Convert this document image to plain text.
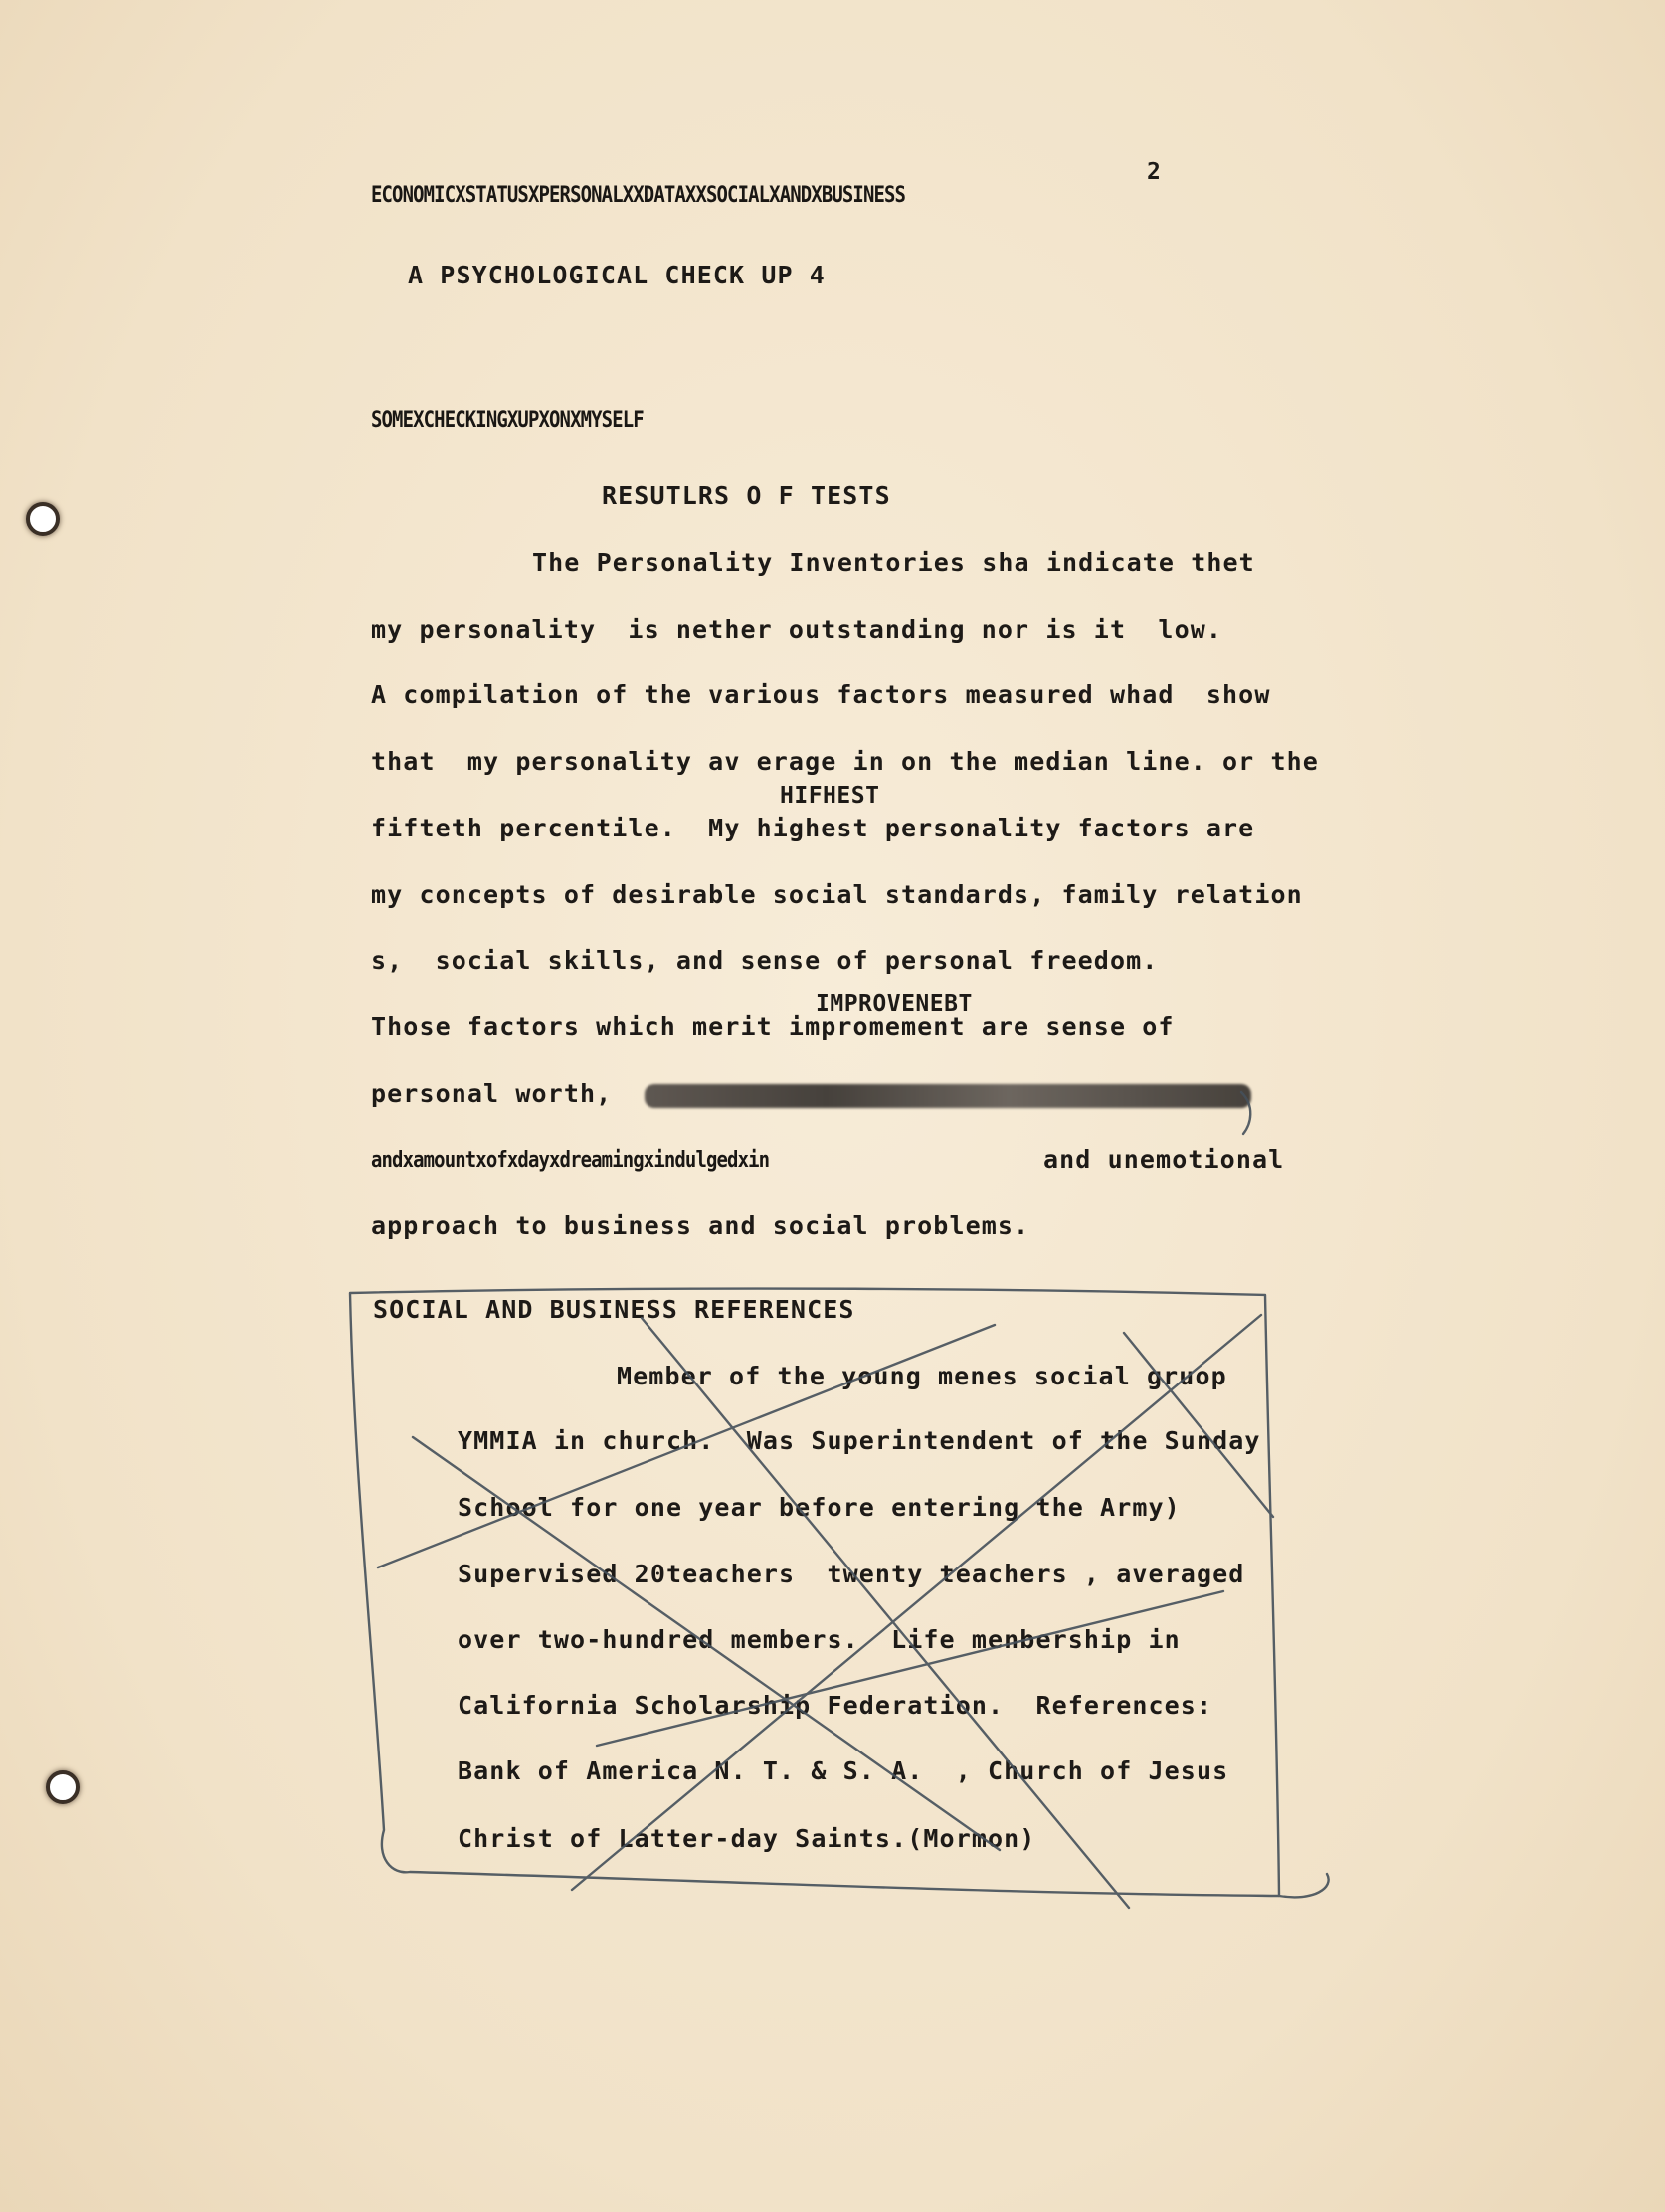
2
ECONOMICXSTATUSXPERSONALXXDATAXXSOCIALXANDXBUSINESS
A PSYCHOLOGICAL CHECK UP 4
SOMEXCHECKINGXUPXONXMYSELF
RESUTLRS O F TESTS
The Personality Inventories sha indicate thet
my personality  is nether outstanding nor is it  low.
A compilation of the various factors measured whad  show
that  my personality av erage in on the median line. or the
HIFHEST
fifteth percentile.  My highest personality factors are
my concepts of desirable social standards, family relation
s,  social skills, and sense of personal freedom.
IMPROVENEBT
Those factors which merit impromement are sense of
personal worth,
andxamountxofxdayxdreamingxindulgedxin	and unemotional
approach to business and social problems.
SOCIAL AND BUSINESS REFERENCES
Member of the young menes social gruop
YMMIA in church.  Was Superintendent of the Sunday
School for one year before entering the Army)
Supervised 20teachers  twenty teachers , averaged
over two-hundred members.  Life menbership in
California Scholarship Federation.  References:
Bank of America N. T. & S. A.  , Church of Jesus
Christ of Latter-day Saints.(Mormon)
